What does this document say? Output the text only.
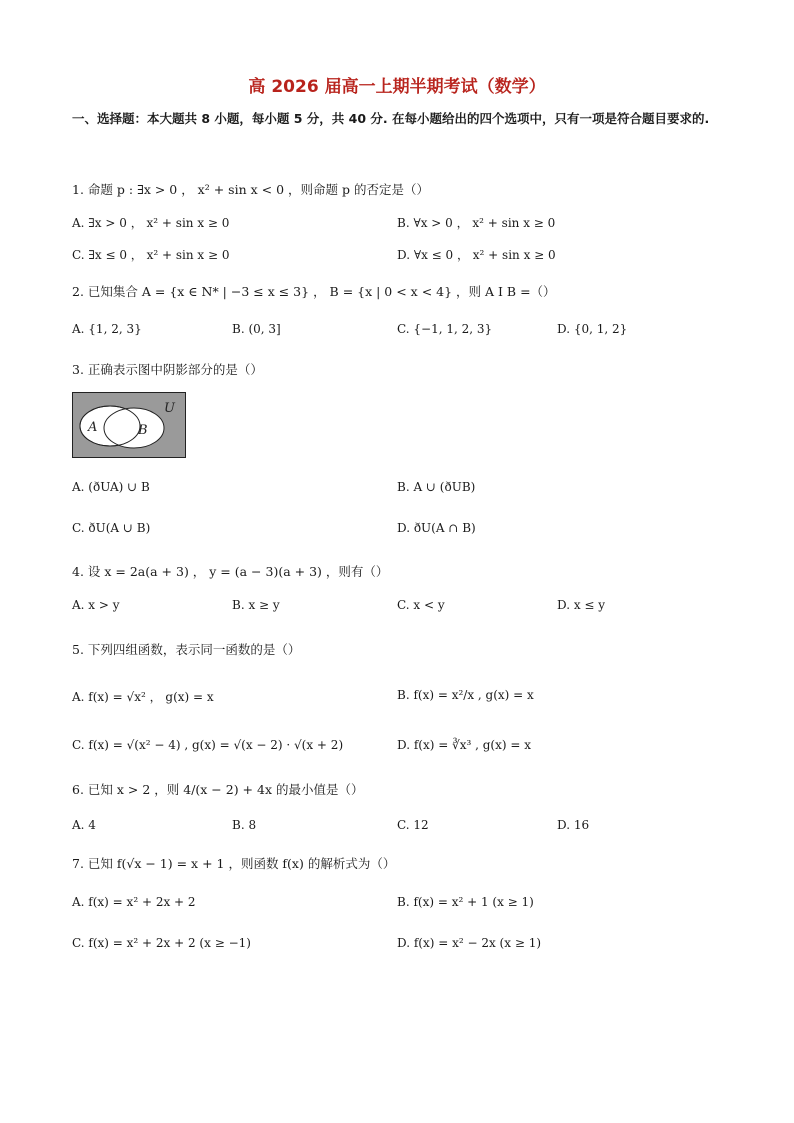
高 2026 届高一上期半期考试（数学）
一、选择题：本大题共 8 小题，每小题 5 分，共 40 分. 在每小题给出的四个选项中，只有一项是符合题目要求的.
1. 命题 p : ∃x > 0 ， x² + sin x < 0 ，则命题 p 的否定是（）
A. ∃x > 0 ， x² + sin x ≥ 0	B. ∀x > 0 ， x² + sin x ≥ 0
C. ∃x ≤ 0 ， x² + sin x ≥ 0	D. ∀x ≤ 0 ， x² + sin x ≥ 0
2. 已知集合 A = {x ∈ N* | −3 ≤ x ≤ 3} ， B = {x | 0 < x < 4} ，则 A I B =（）
A. {1, 2, 3}	B. (0, 3]	C. {−1, 1, 2, 3}	D. {0, 1, 2}
3. 正确表示图中阴影部分的是（）
U
A	B
A. (ðUA) ∪ B	B. A ∪ (ðUB)
C. ðU(A ∪ B)	D. ðU(A ∩ B)
4. 设 x = 2a(a + 3) ， y = (a − 3)(a + 3) ，则有（）
A. x > y	B. x ≥ y	C. x < y	D. x ≤ y
5. 下列四组函数，表示同一函数的是（）
A. f(x) = √x² ， g(x) = x	B. f(x) = x²/x , g(x) = x
C. f(x) = √(x² − 4) , g(x) = √(x − 2) · √(x + 2)	D. f(x) = ∛x³ , g(x) = x
6. 已知 x > 2 ，则 4/(x − 2) + 4x 的最小值是（）
A. 4	B. 8	C. 12	D. 16
7. 已知 f(√x − 1) = x + 1 ，则函数 f(x) 的解析式为（）
A. f(x) = x² + 2x + 2	B. f(x) = x² + 1 (x ≥ 1)
C. f(x) = x² + 2x + 2 (x ≥ −1)	D. f(x) = x² − 2x (x ≥ 1)
